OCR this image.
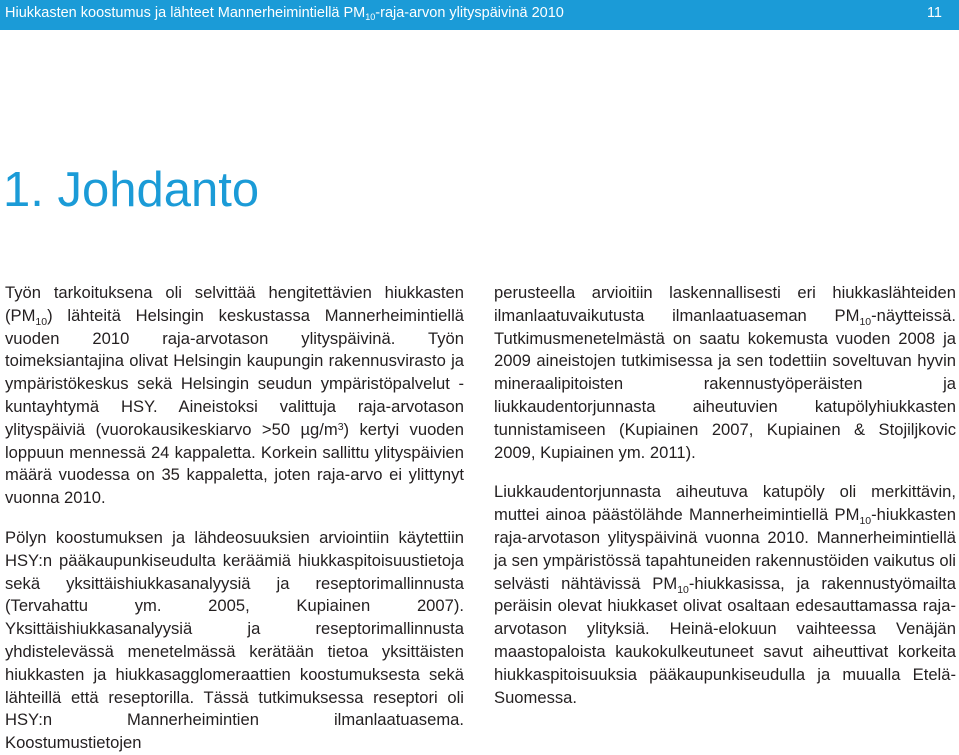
Hiukkasten koostumus ja lähteet Mannerheimintiellä $PM_{10}-raja$-arvon ylityspäivinä 2010	11
1. Johdanto

Työn tarkoituksena oli selvittää hengitettävien hiukkasten $(PM_{10})$ lähteitä Helsingin keskustassa Mannerheimintiellä vuoden 2010 raja-arvotason ylityspäivinä. Työn toimeksiantajina olivat Helsingin kaupungin rakennusvirasto ja ympäristökeskus sekä Helsingin seudun ympäristöpalvelut -kuntayhtymä HSY. Aineistoksi valittuja raja-arvotason ylityspäiviä (vuorokausikeskiarvo >50 $\mu g/m^3$) kertyi vuoden loppuun mennessä 24 kappaletta. Korkein sallittu ylityspäivien määrä vuodessa on 35 kappaletta, joten raja-arvo ei ylittynyt vuonna 2010.

Pölyn koostumuksen ja lähdeosuuksien arviointiin käytettiin HSY:n pääkaupunkiseudulta keräämiä hiukkaspitoisuustietoja sekä yksittäishiukkasanalyysiä ja reseptorimallinnusta (Tervahattu ym. 2005, Kupiainen 2007). Yksittäishiukkasanalyysiä ja reseptorimallinnusta yhdistelevässä menetelmässä kerätään tietoa yksittäisten hiukkasten ja hiukkasagglomeraattien koostumuksesta sekä lähteillä että reseptorilla. Tässä tutkimuksessa reseptori oli HSY:n Mannerheimintien ilmanlaatuasema. Koostumustietojen

perusteella arvioitiin laskennallisesti eri hiukkaslähteiden ilmanlaatuvaikutusta ilmanlaatuaseman $PM_{10}$-näytteissä. Tutkimusmenetelmästä on saatu kokemusta vuoden 2008 ja 2009 aineistojen tutkimisessa ja sen todettiin soveltuvan hyvin mineraalipitoisten rakennustyöperäisten ja liukkaudentorjunnasta aiheutuvien katupölyhiukkasten tunnistamiseen (Kupiainen 2007, Kupiainen & Stojiljkovic 2009, Kupiainen ym. 2011).

Liukkaudentorjunnasta aiheutuva katupöly oli merkittävin, muttei ainoa päästölähde Mannerheimintiellä $PM_{10}$-hiukkasten raja-arvotason ylityspäivinä vuonna 2010. Mannerheimintiellä ja sen ympäristössä tapahtuneiden rakennustöiden vaikutus oli selvästi nähtävissä $PM_{10}$-hiukkasissa, ja rakennustyömailta peräisin olevat hiukkaset olivat osaltaan edesauttamassa raja-arvotason ylityksiä. Heinä-elokuun vaihteessa Venäjän maastopaloista kaukokulkeutuneet savut aiheuttivat korkeita hiukkaspitoisuuksia pääkaupunkiseudulla ja muualla Etelä-Suomessa.
